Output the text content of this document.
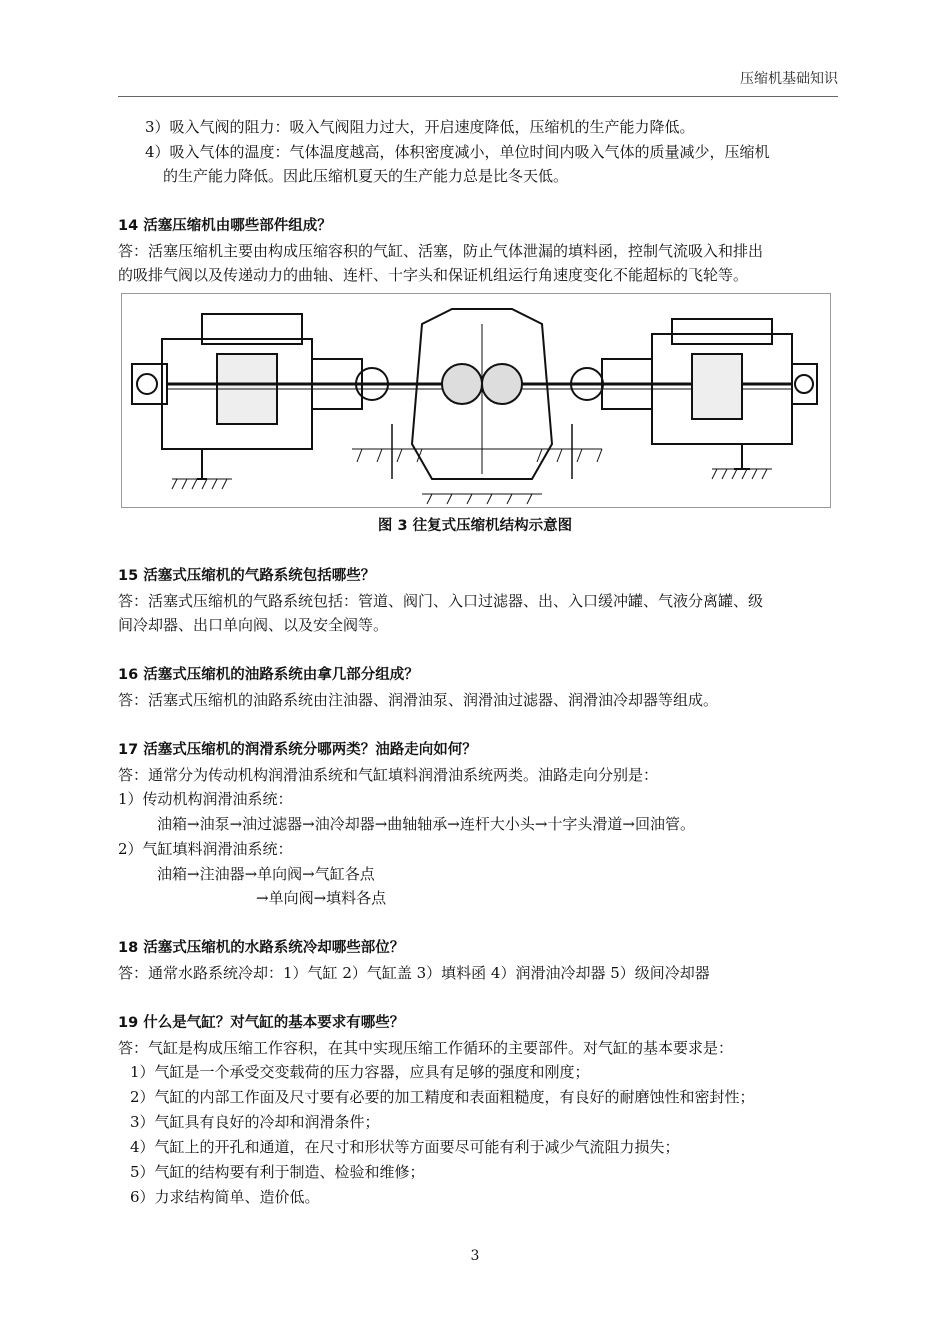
压缩机基础知识
3）吸入气阀的阻力：吸入气阀阻力过大，开启速度降低，压缩机的生产能力降低。
4）吸入气体的温度：气体温度越高，体积密度减小，单位时间内吸入气体的质量减少，压缩机
的生产能力降低。因此压缩机夏天的生产能力总是比冬天低。
14 活塞压缩机由哪些部件组成？
答：活塞压缩机主要由构成压缩容积的气缸、活塞，防止气体泄漏的填料函，控制气流吸入和排出
的吸排气阀以及传递动力的曲轴、连杆、十字头和保证机组运行角速度变化不能超标的飞轮等。
图 3 往复式压缩机结构示意图
15 活塞式压缩机的气路系统包括哪些？
答：活塞式压缩机的气路系统包括：管道、阀门、入口过滤器、出、入口缓冲罐、气液分离罐、级
间冷却器、出口单向阀、以及安全阀等。
16 活塞式压缩机的油路系统由拿几部分组成？
答：活塞式压缩机的油路系统由注油器、润滑油泵、润滑油过滤器、润滑油冷却器等组成。
17 活塞式压缩机的润滑系统分哪两类？油路走向如何？
答：通常分为传动机构润滑油系统和气缸填料润滑油系统两类。油路走向分别是：
1）传动机构润滑油系统：
油箱→油泵→油过滤器→油冷却器→曲轴轴承→连杆大小头→十字头滑道→回油管。
2）气缸填料润滑油系统：
油箱→注油器→单向阀→气缸各点
→单向阀→填料各点
18 活塞式压缩机的水路系统冷却哪些部位？
答：通常水路系统冷却：1）气缸 2）气缸盖 3）填料函 4）润滑油冷却器 5）级间冷却器
19 什么是气缸？对气缸的基本要求有哪些？
答：气缸是构成压缩工作容积，在其中实现压缩工作循环的主要部件。对气缸的基本要求是：
1）气缸是一个承受交变载荷的压力容器，应具有足够的强度和刚度；
2）气缸的内部工作面及尺寸要有必要的加工精度和表面粗糙度，有良好的耐磨蚀性和密封性；
3）气缸具有良好的冷却和润滑条件；
4）气缸上的开孔和通道，在尺寸和形状等方面要尽可能有利于减少气流阻力损失；
5）气缸的结构要有利于制造、检验和维修；
6）力求结构简单、造价低。
3
